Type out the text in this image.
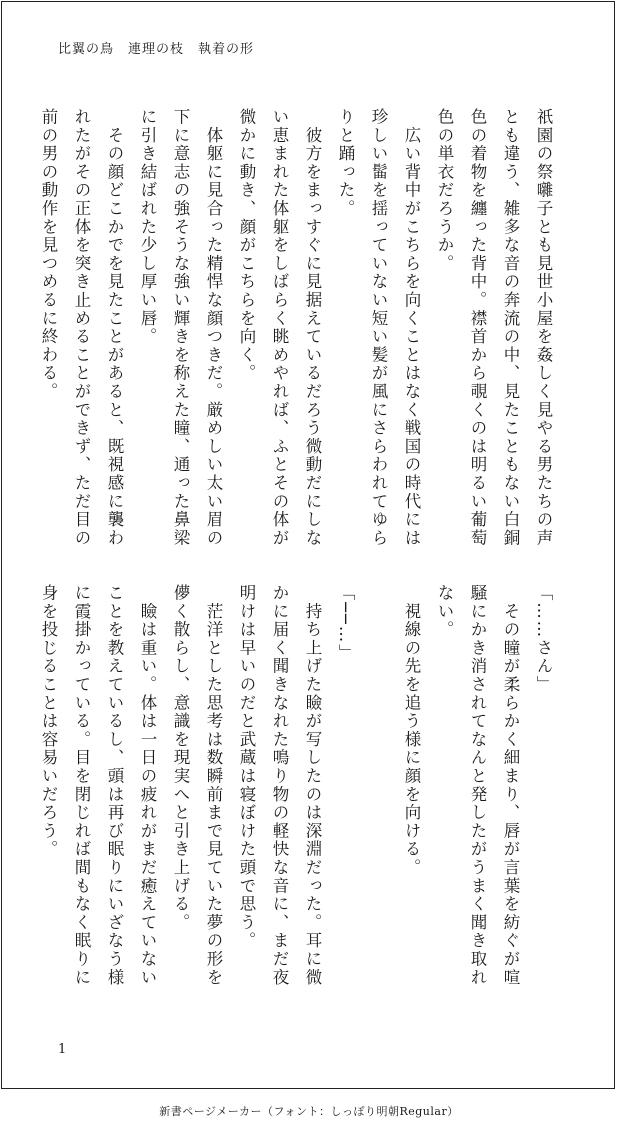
比翼の鳥　連理の枝　執着の形

祇園の祭囃子とも見世小屋を姦しく見やる男たちの声とも違う、雑多な音の奔流の中、見たこともない白銅色の着物を纏った背中。襟首から覗くのは明るい葡萄色の単衣だろうか。

　広い背中がこちらを向くことはなく戦国の時代には珍しい髷を揺っていない短い髪が風にさらわれてゆらりと踊った。

　彼方をまっすぐに見据えているだろう微動だにしない恵まれた体躯をしばらく眺めやれば、ふとその体が微かに動き、顔がこちらを向く。

　体躯に見合った精悍な顔つきだ。厳めしい太い眉の下に意志の強そうな強い輝きを称えた瞳、通った鼻梁に引き結ばれた少し厚い唇。

　その顔どこかでを見たことがあると、既視感に襲われたがその正体を突き止めることができず、ただ目の前の男の動作を見つめるに終わる。

「……さん」

　その瞳が柔らかく細まり、唇が言葉を紡ぐが喧騒にかき消されてなんと発したがうまく聞き取れない。

　視線の先を追う様に顔を向ける。

「──…」

　持ち上げた瞼が写したのは深淵だった。耳に微かに届く聞きなれた鳴り物の軽快な音に、まだ夜明けは早いのだと武蔵は寝ぼけた頭で思う。

　茫洋とした思考は数瞬前まで見ていた夢の形を儚く散らし、意識を現実へと引き上げる。

　瞼は重い。体は一日の疲れがまだ癒えていないことを教えているし、頭は再び眠りにいざなう様に霞掛かっている。目を閉じれば間もなく眠りに身を投じることは容易いだろう。

1
新書ページメーカー（フォント：しっぽり明朝Regular）
